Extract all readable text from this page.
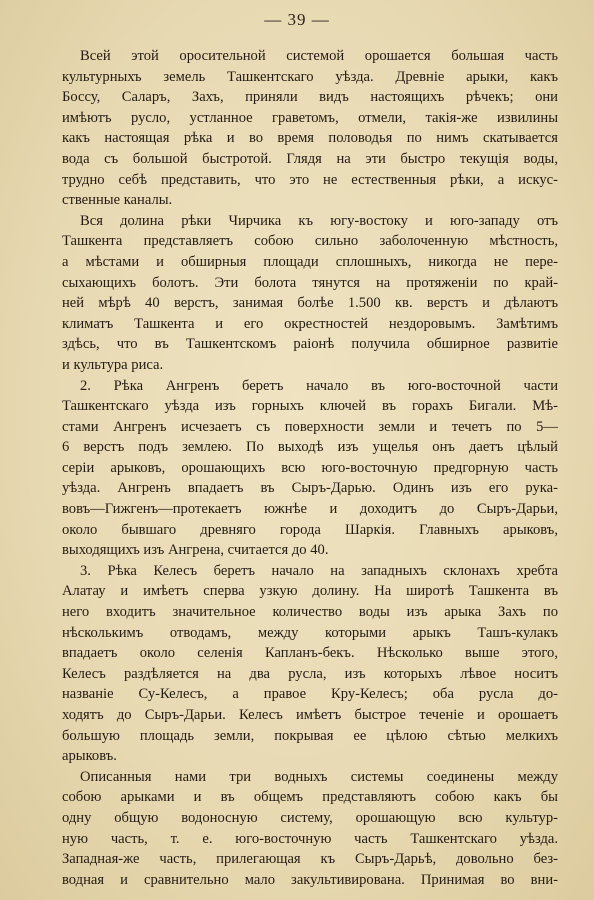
— 39 —
Всей этой оросительной системой орошается большая часть
культурныхъ земель Ташкентскаго уѣзда. Древніе арыки, какъ
Боссу, Саларъ, Захъ, приняли видъ настоящихъ рѣчекъ; они
имѣютъ русло, устланное граветомъ, отмели, такія-же извилины
какъ настоящая рѣка и во время половодья по нимъ скатывается
вода съ большой быстротой. Глядя на эти быстро текущія воды,
трудно себѣ представить, что это не естественныя рѣки, а искус-
ственные каналы.
Вся долина рѣки Чирчика къ югу-востоку и юго-западу отъ
Ташкента представляетъ собою сильно заболоченную мѣстность,
а мѣстами и обширныя площади сплошныхъ, никогда не пере-
сыхающихъ болотъ. Эти болота тянутся на протяженіи по край-
ней мѣрѣ 40 верстъ, занимая болѣе 1.500 кв. верстъ и дѣлаютъ
климатъ Ташкента и его окрестностей нездоровымъ. Замѣтимъ
здѣсь, что въ Ташкентскомъ раіонѣ получила обширное развитіе
и культура риса.
2. Рѣка Ангренъ беретъ начало въ юго-восточной части
Ташкентскаго уѣзда изъ горныхъ ключей въ горахъ Бигали. Мѣ-
стами Ангренъ исчезаетъ съ поверхности земли и течетъ по 5—
6 верстъ подъ землею. По выходѣ изъ ущелья онъ даетъ цѣлый
серіи арыковъ, орошающихъ всю юго-восточную предгорную часть
уѣзда. Ангренъ впадаетъ въ Сыръ-Дарью. Одинъ изъ его рука-
вовъ—Гижгенъ—протекаетъ южнѣе и доходитъ до Сыръ-Дарьи,
около бывшаго древняго города Шаркія. Главныхъ арыковъ,
выходящихъ изъ Ангрена, считается до 40.
3. Рѣка Келесъ беретъ начало на западныхъ склонахъ хребта
Алатау и имѣетъ сперва узкую долину. На широтѣ Ташкента въ
него входитъ значительное количество воды изъ арыка Захъ по
нѣсколькимъ отводамъ, между которыми арыкъ Ташъ-кулакъ
впадаетъ около селенія Капланъ-бекъ. Нѣсколько выше этого,
Келесъ раздѣляется на два русла, изъ которыхъ лѣвое носитъ
названіе Су-Келесъ, а правое Кру-Келесъ; оба русла до-
ходятъ до Сыръ-Дарьи. Келесъ имѣетъ быстрое теченіе и орошаетъ
большую площадь земли, покрывая ее цѣлою сѣтью мелкихъ
арыковъ.
Описанныя нами три водныхъ системы соединены между
собою арыками и въ общемъ представляютъ собою какъ бы
одну общую водоносную систему, орошающую всю культур-
ную часть, т. е. юго-восточную часть Ташкентскаго уѣзда.
Западная-же часть, прилегающая къ Сыръ-Дарьѣ, довольно без-
водная и сравнительно мало закультивирована. Принимая во вни-
